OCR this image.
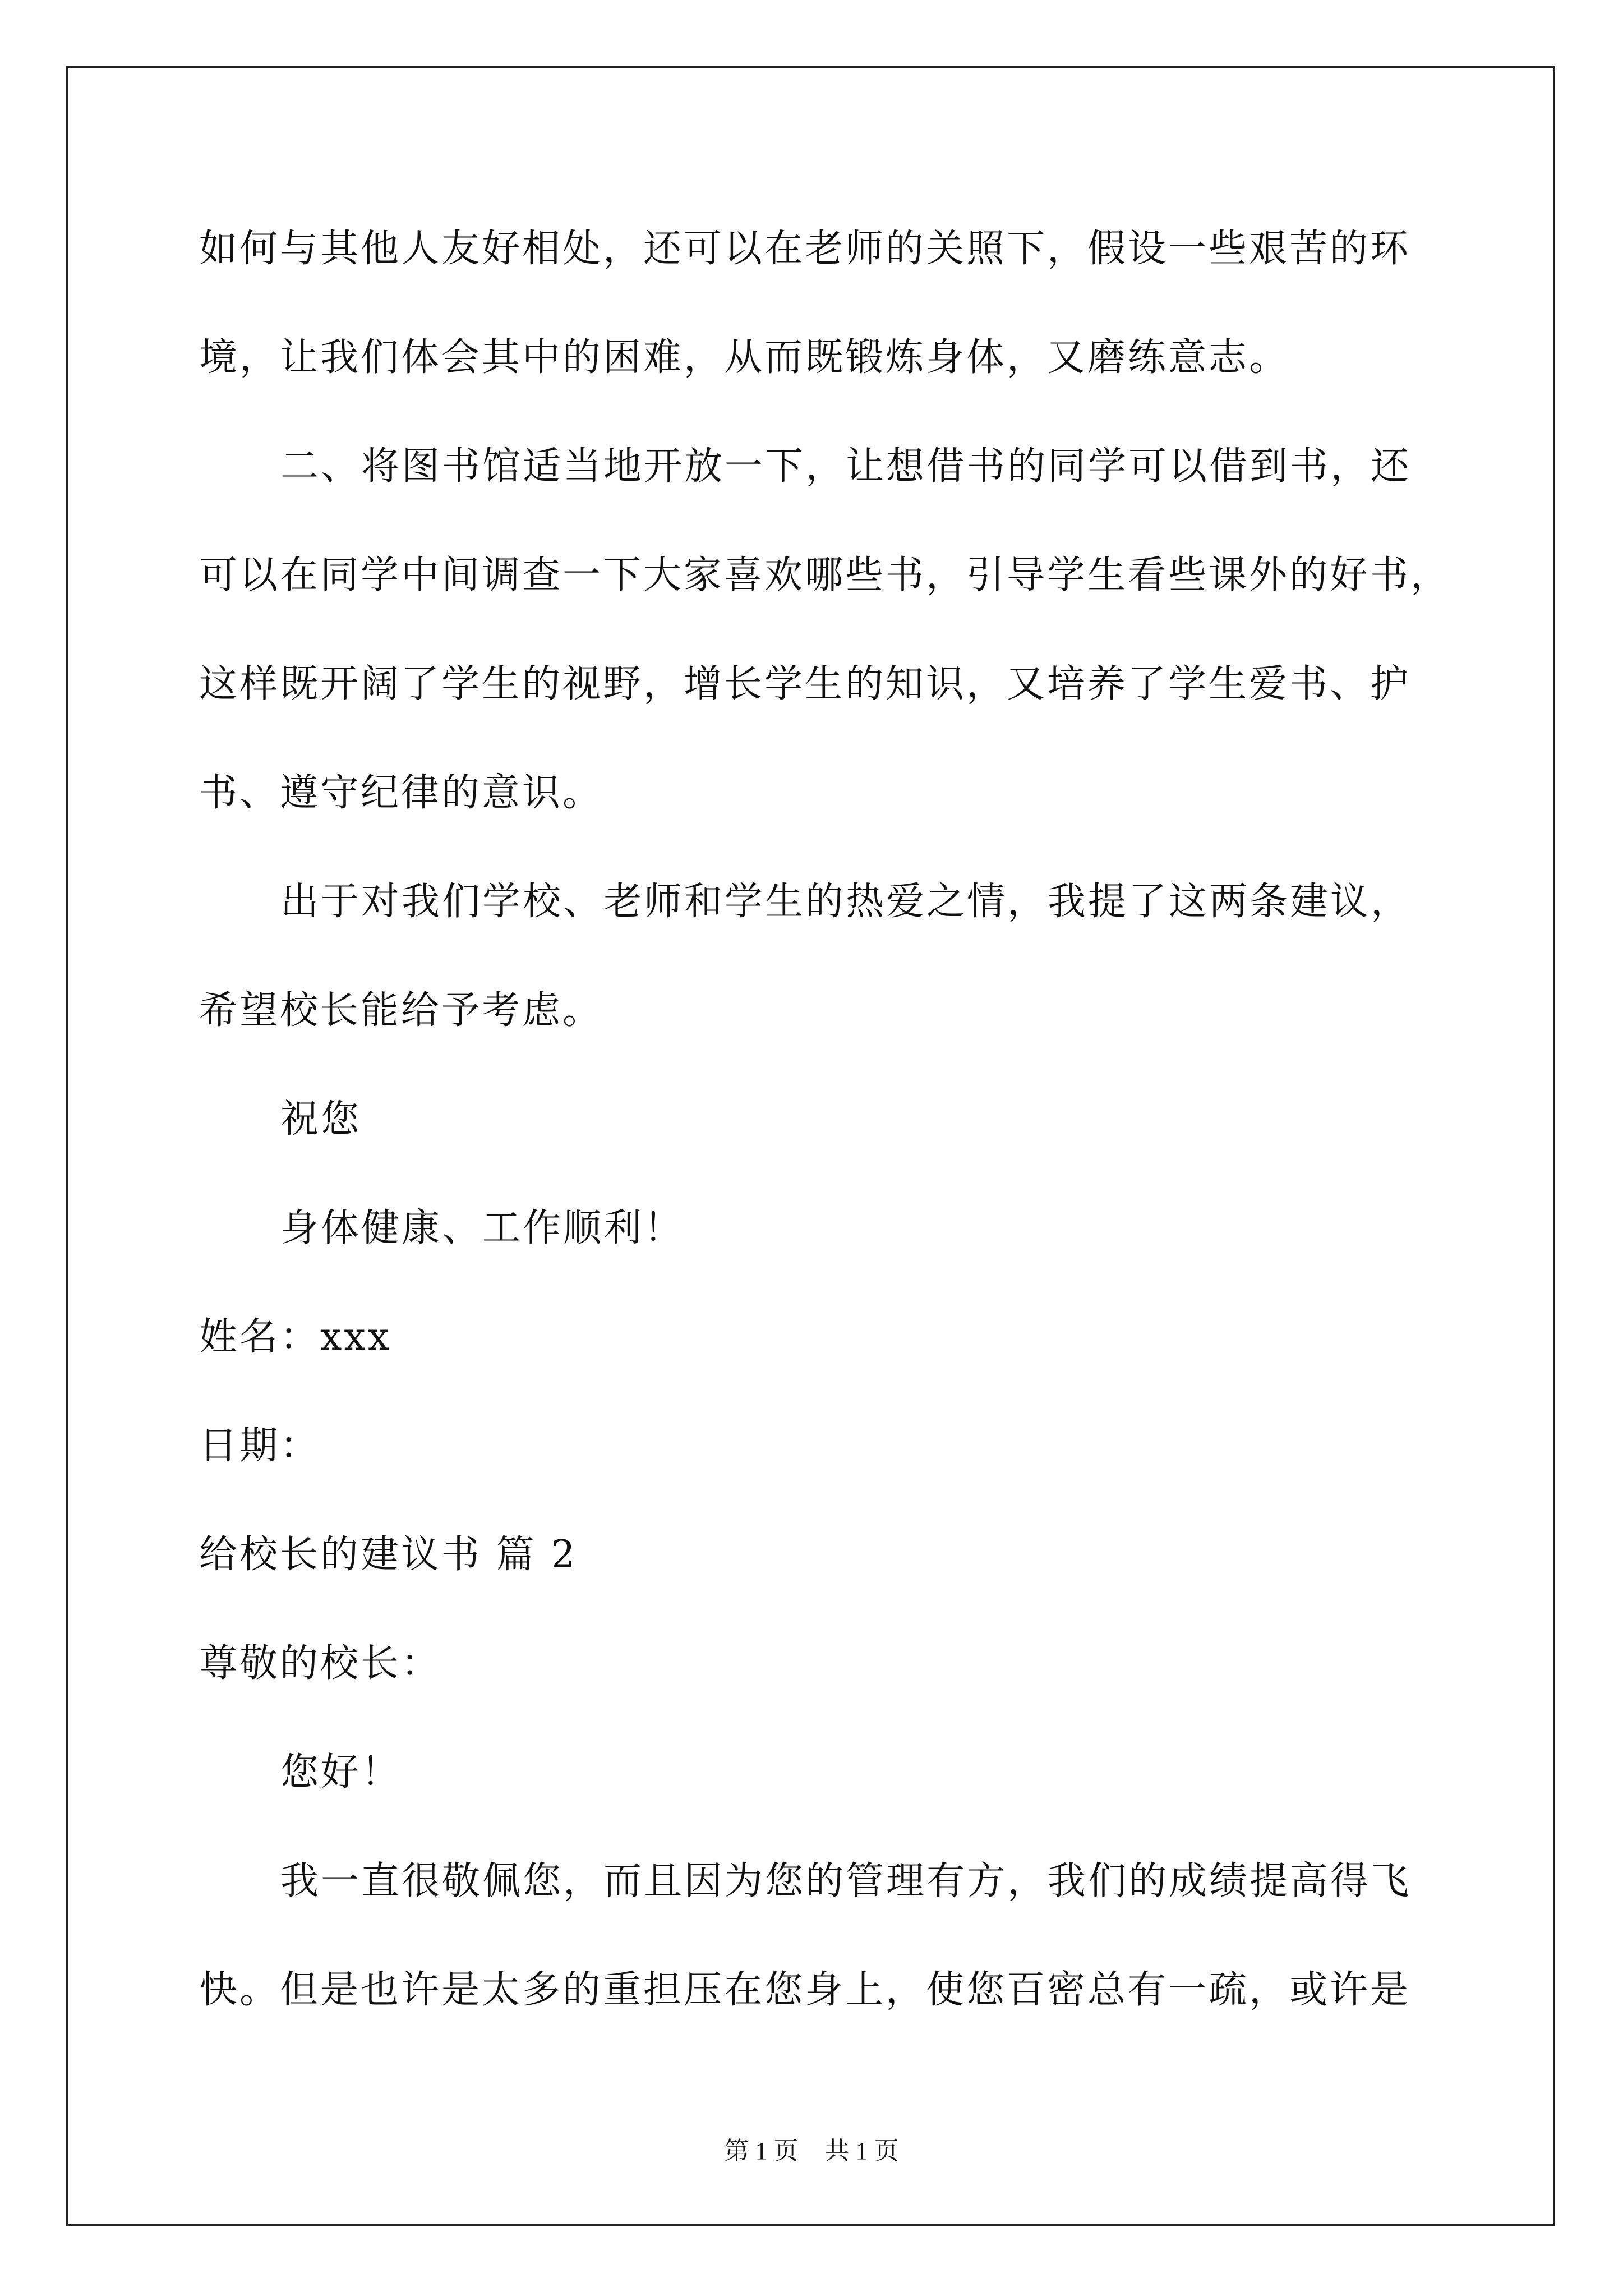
如何与其他人友好相处，还可以在老师的关照下，假设一些艰苦的环
境，让我们体会其中的困难，从而既锻炼身体，又磨练意志。
二、将图书馆适当地开放一下，让想借书的同学可以借到书，还
可以在同学中间调查一下大家喜欢哪些书，引导学生看些课外的好书，
这样既开阔了学生的视野，增长学生的知识，又培养了学生爱书、护
书、遵守纪律的意识。
出于对我们学校、老师和学生的热爱之情，我提了这两条建议，
希望校长能给予考虑。
祝您
身体健康、工作顺利！
姓名：xxx
日期：
给校长的建议书 篇 2
尊敬的校长：
您好！
我一直很敬佩您，而且因为您的管理有方，我们的成绩提高得飞
快。但是也许是太多的重担压在您身上，使您百密总有一疏，或许是
第 1 页 共 1 页
